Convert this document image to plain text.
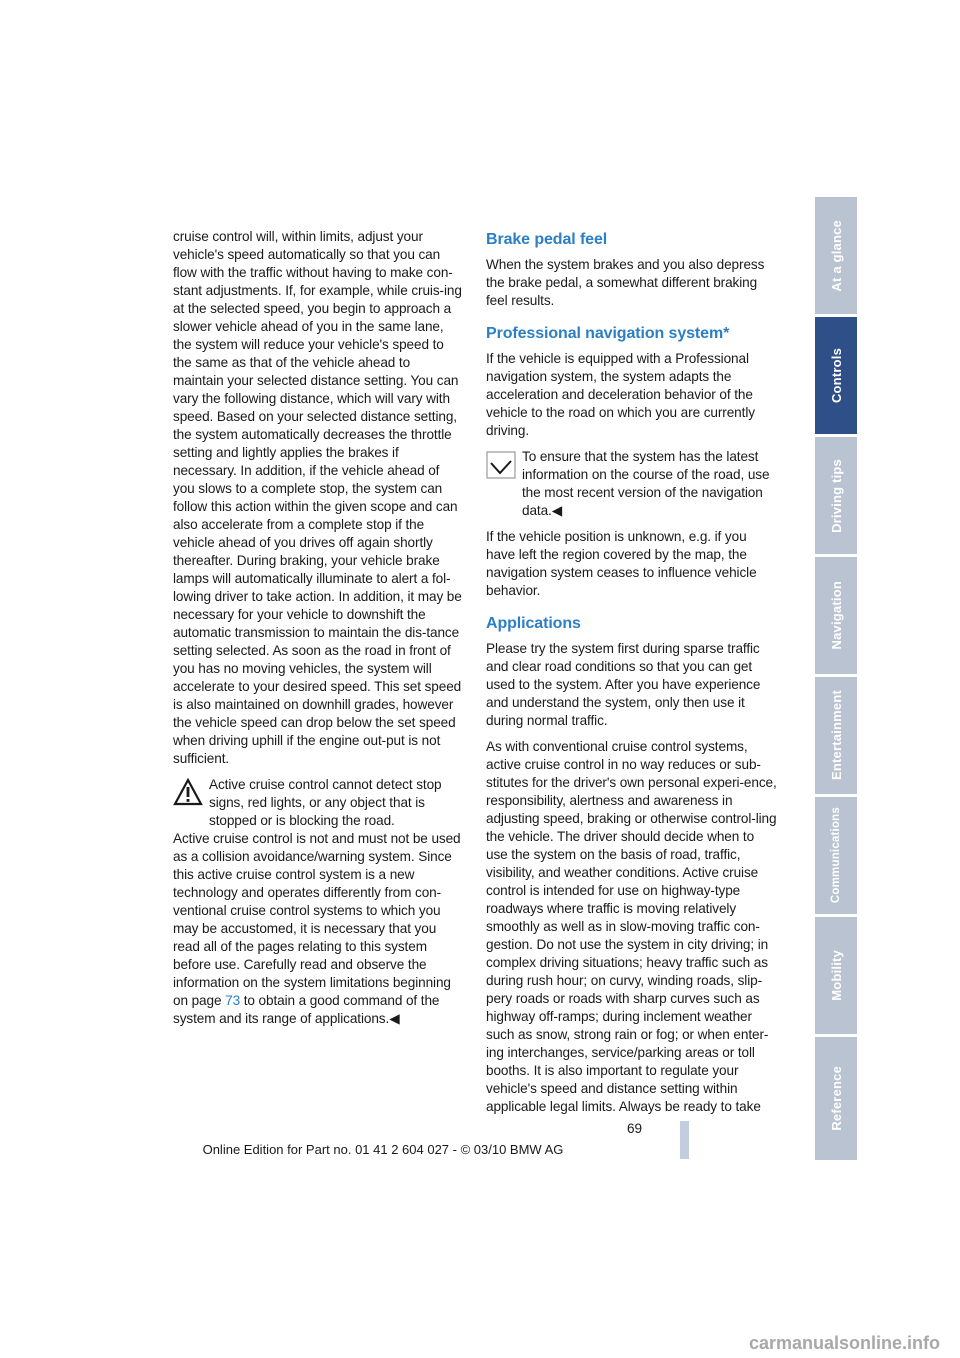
cruise control will, within limits, adjust your vehicle's speed automatically so that you can flow with the traffic without having to make con-stant adjustments. If, for example, while cruis-ing at the selected speed, you begin to approach a slower vehicle ahead of you in the same lane, the system will reduce your vehicle's speed to the same as that of the vehicle ahead to maintain your selected distance setting. You can vary the following distance, which will vary with speed. Based on your selected distance setting, the system automatically decreases the throttle setting and lightly applies the brakes if necessary. In addition, if the vehicle ahead of you slows to a complete stop, the system can follow this action within the given scope and can also accelerate from a complete stop if the vehicle ahead of you drives off again shortly thereafter. During braking, your vehicle brake lamps will automatically illuminate to alert a fol-lowing driver to take action. In addition, it may be necessary for your vehicle to downshift the automatic transmission to maintain the dis-tance setting selected. As soon as the road in front of you has no moving vehicles, the system will accelerate to your desired speed. This set speed is also maintained on downhill grades, however the vehicle speed can drop below the set speed when driving uphill if the engine out-put is not sufficient.

Active cruise control cannot detect stop signs, red lights, or any object that is stopped or is blocking the road.
Active cruise control is not and must not be used as a collision avoidance/warning system. Since this active cruise control system is a new technology and operates differently from con-ventional cruise control systems to which you may be accustomed, it is necessary that you read all of the pages relating to this system before use. Carefully read and observe the information on the system limitations beginning on page 73 to obtain a good command of the system and its range of applications.◀
Brake pedal feel

When the system brakes and you also depress the brake pedal, a somewhat different braking feel results.

Professional navigation system*

If the vehicle is equipped with a Professional navigation system, the system adapts the acceleration and deceleration behavior of the vehicle to the road on which you are currently driving.

To ensure that the system has the latest information on the course of the road, use the most recent version of the navigation data.◀

If the vehicle position is unknown, e.g. if you have left the region covered by the map, the navigation system ceases to influence vehicle behavior.

Applications

Please try the system first during sparse traffic and clear road conditions so that you can get used to the system. After you have experience and understand the system, only then use it during normal traffic.

As with conventional cruise control systems, active cruise control in no way reduces or sub-stitutes for the driver's own personal experi-ence, responsibility, alertness and awareness in adjusting speed, braking or otherwise control-ling the vehicle. The driver should decide when to use the system on the basis of road, traffic, visibility, and weather conditions. Active cruise control is intended for use on highway-type roadways where traffic is moving relatively smoothly as well as in slow-moving traffic con-gestion. Do not use the system in city driving; in complex driving situations; heavy traffic such as during rush hour; on curvy, winding roads, slip-pery roads or roads with sharp curves such as highway off-ramps; during inclement weather such as snow, strong rain or fog; or when enter-ing interchanges, service/parking areas or toll booths. It is also important to regulate your vehicle's speed and distance setting within applicable legal limits. Always be ready to take

At a glance
Controls
Driving tips
Navigation
Entertainment
Communications
Mobility
Reference
69
Online Edition for Part no. 01 41 2 604 027 - © 03/10 BMW AG
carmanualsonline.info
